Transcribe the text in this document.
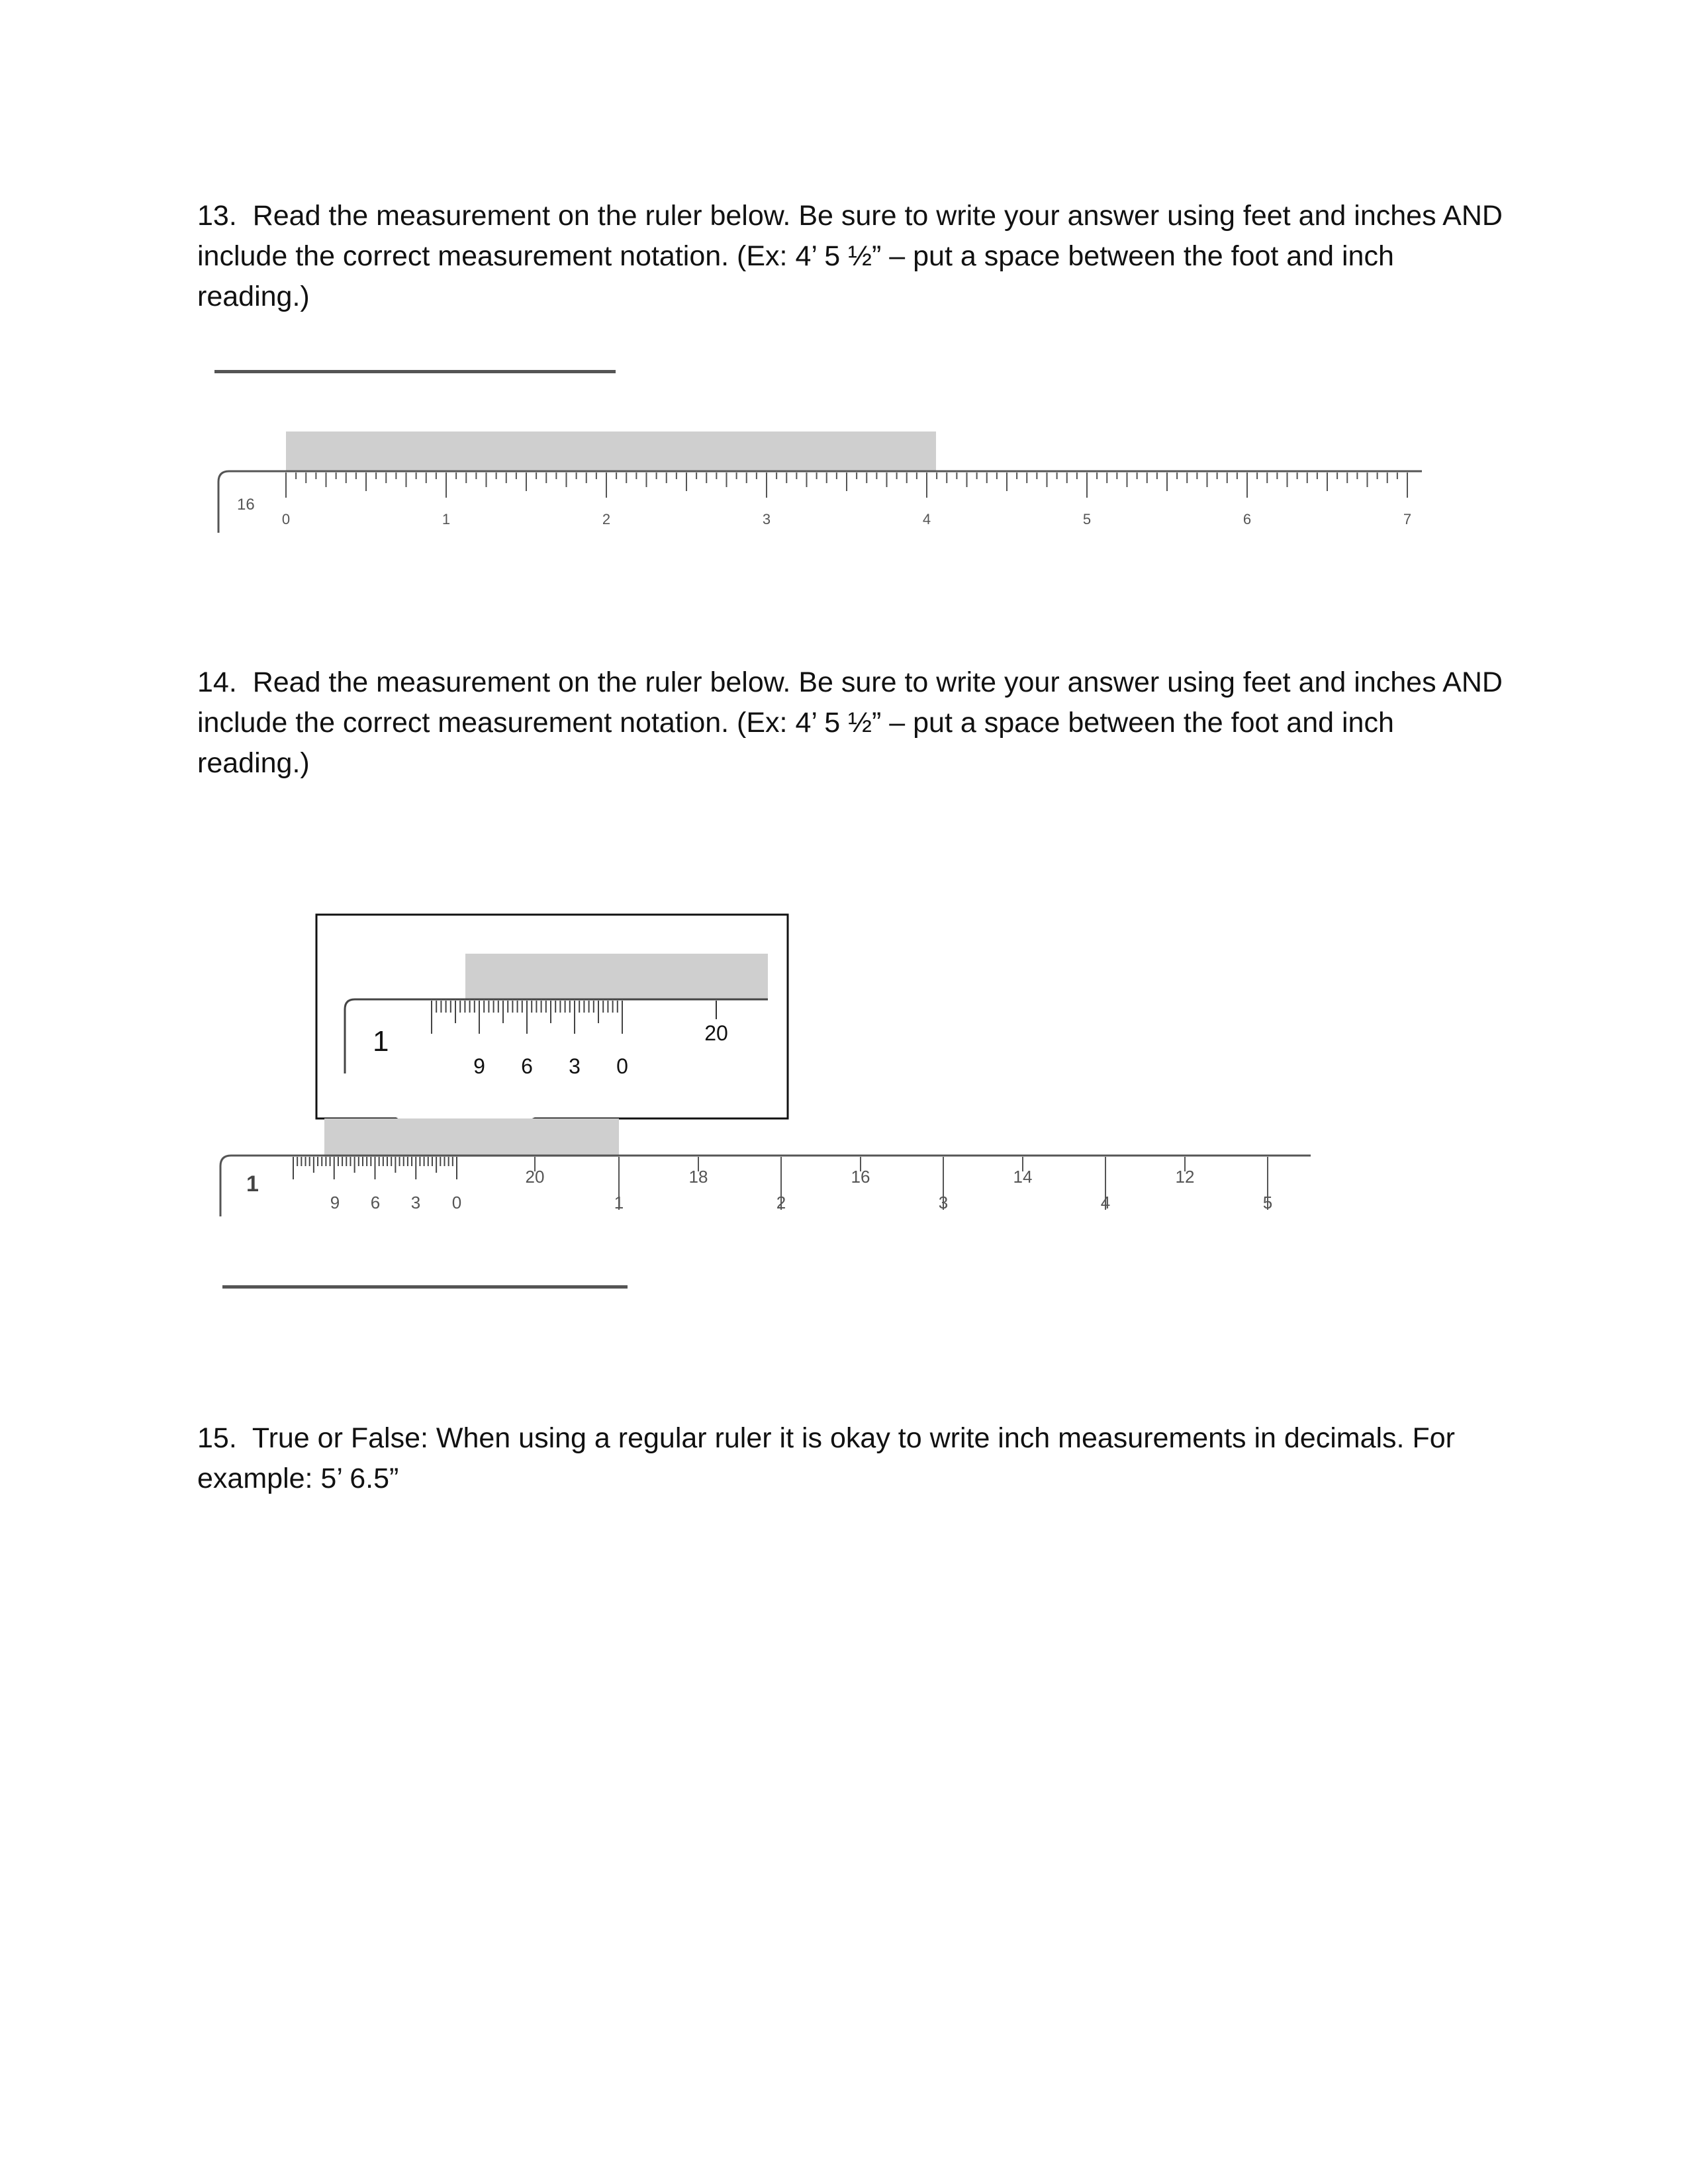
13. Read the measurement on the ruler below. Be sure to write your answer using feet and inches AND include the correct measurement notation. (Ex: 4’ 5 ½” – put a space between the foot and inch reading.)
16
0	1	2	3	4	5	6	7
14. Read the measurement on the ruler below. Be sure to write your answer using feet and inches AND include the correct measurement notation. (Ex: 4’ 5 ½” – put a space between the foot and inch reading.)
1	20
9 6 3 0
1	20	18	16	14	12
9 6 3 0	1	2	3	4	5
15. True or False: When using a regular ruler it is okay to write inch measurements in decimals. For example: 5’ 6.5”
